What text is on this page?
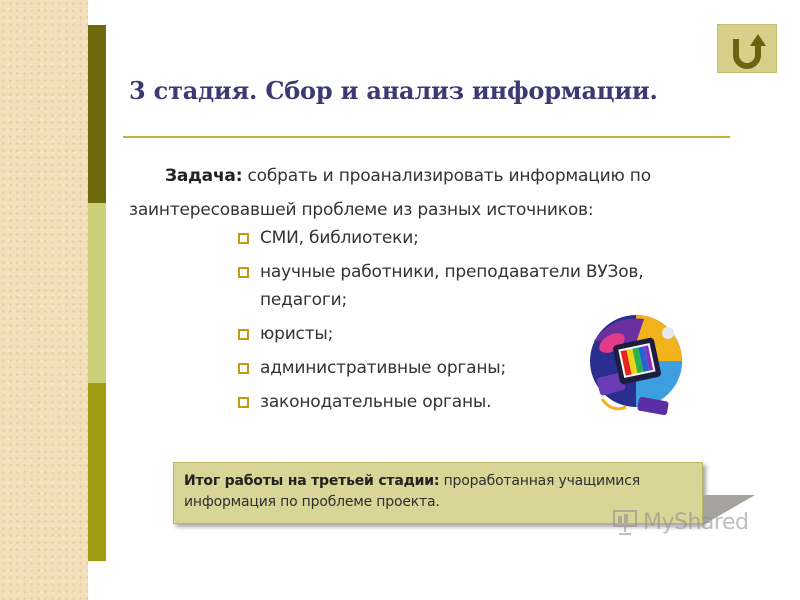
3 стадия. Сбор и анализ информации.
Задача: собрать и проанализировать информацию по заинтересовавшей проблеме из разных источников:
СМИ, библиотеки;
научные работники, преподаватели ВУЗов, педагоги;
юристы;
административные органы;
законодательные органы.
Итог работы на третьей стадии: проработанная учащимися информация по проблеме проекта.
MyShared
